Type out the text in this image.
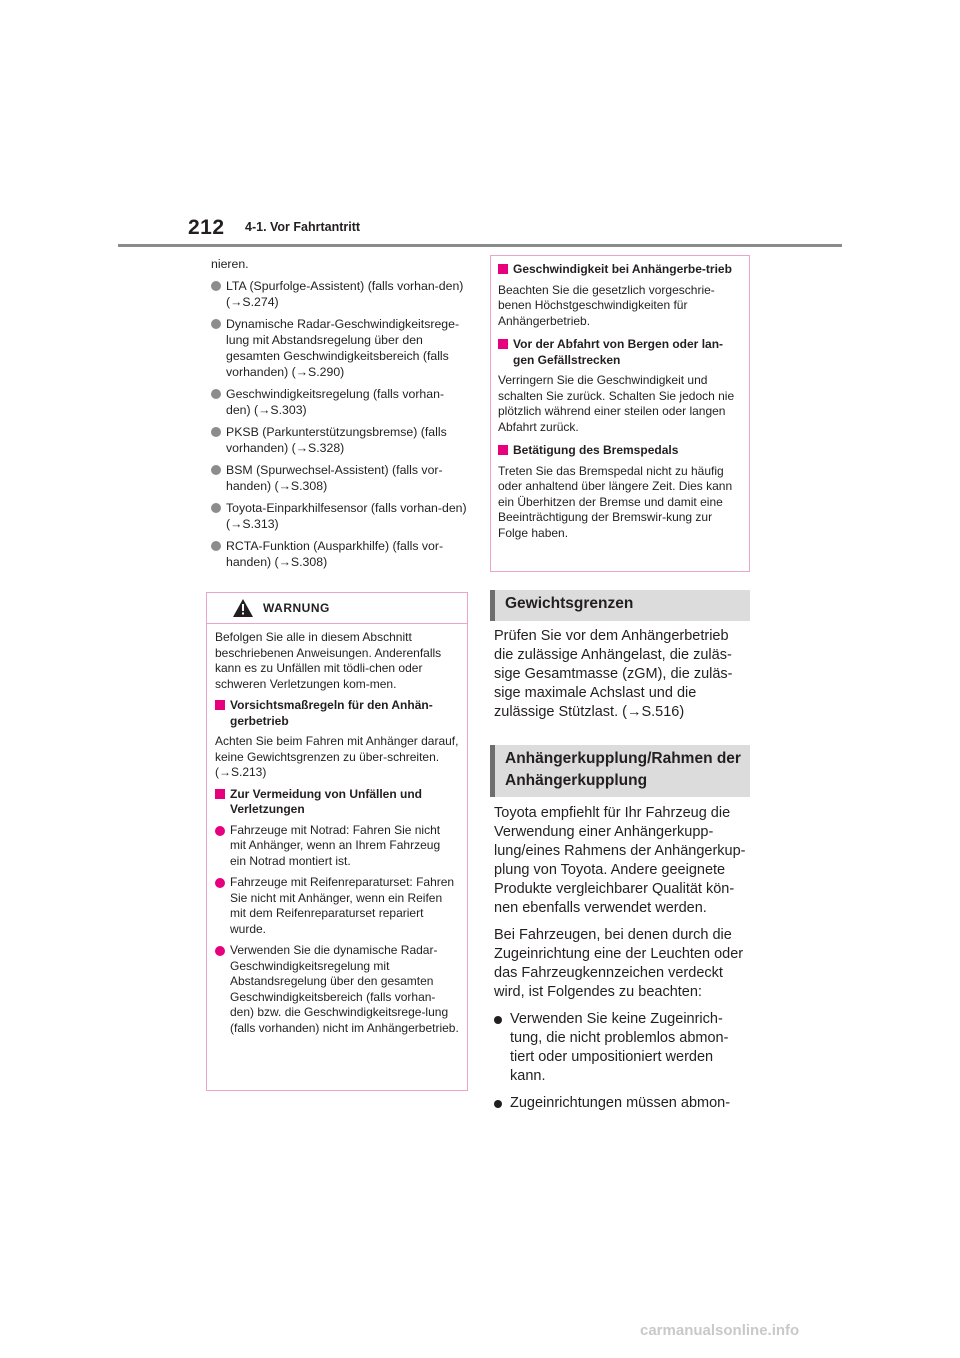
212 4-1. Vor Fahrtantritt
nieren.
LTA (Spurfolge-Assistent) (falls vorhan-den) (→S.274)
Dynamische Radar-Geschwindigkeitsrege-lung mit Abstandsregelung über den gesamten Geschwindigkeitsbereich (falls vorhanden) (→S.290)
Geschwindigkeitsregelung (falls vorhan-den) (→S.303)
PKSB (Parkunterstützungsbremse) (falls vorhanden) (→S.328)
BSM (Spurwechsel-Assistent) (falls vor-handen) (→S.308)
Toyota-Einparkhilfesensor (falls vorhan-den) (→S.313)
RCTA-Funktion (Ausparkhilfe) (falls vor-handen) (→S.308)
WARNUNG
Befolgen Sie alle in diesem Abschnitt beschriebenen Anweisungen. Anderenfalls kann es zu Unfällen mit tödli-chen oder schweren Verletzungen kom-men.
Vorsichtsmaßregeln für den Anhän-gerbetrieb
Achten Sie beim Fahren mit Anhänger darauf, keine Gewichtsgrenzen zu über-schreiten. (→S.213)
Zur Vermeidung von Unfällen und Verletzungen
Fahrzeuge mit Notrad: Fahren Sie nicht mit Anhänger, wenn an Ihrem Fahrzeug ein Notrad montiert ist.
Fahrzeuge mit Reifenreparaturset: Fahren Sie nicht mit Anhänger, wenn ein Reifen mit dem Reifenreparaturset repariert wurde.
Verwenden Sie die dynamische Radar-Geschwindigkeitsregelung mit Abstandsregelung über den gesamten Geschwindigkeitsbereich (falls vorhan-den) bzw. die Geschwindigkeitsrege-lung (falls vorhanden) nicht im Anhängerbetrieb.
Geschwindigkeit bei Anhängerbe-trieb
Beachten Sie die gesetzlich vorgeschrie-benen Höchstgeschwindigkeiten für Anhängerbetrieb.
Vor der Abfahrt von Bergen oder lan-gen Gefällstrecken
Verringern Sie die Geschwindigkeit und schalten Sie zurück. Schalten Sie jedoch nie plötzlich während einer steilen oder langen Abfahrt zurück.
Betätigung des Bremspedals
Treten Sie das Bremspedal nicht zu häufig oder anhaltend über längere Zeit. Dies kann ein Überhitzen der Bremse und damit eine Beeinträchtigung der Bremswir-kung zur Folge haben.
Gewichtsgrenzen
Prüfen Sie vor dem Anhängerbetrieb die zulässige Anhängelast, die zuläs-sige Gesamtmasse (zGM), die zuläs-sige maximale Achslast und die zulässige Stützlast. (→S.516)
Anhängerkupplung/Rahmen der Anhängerkupplung
Toyota empfiehlt für Ihr Fahrzeug die Verwendung einer Anhängerkupp-lung/eines Rahmens der Anhängerkup-plung von Toyota. Andere geeignete Produkte vergleichbarer Qualität kön-nen ebenfalls verwendet werden.
Bei Fahrzeugen, bei denen durch die Zugeinrichtung eine der Leuchten oder das Fahrzeugkennzeichen verdeckt wird, ist Folgendes zu beachten:
Verwenden Sie keine Zugeinrich-tung, die nicht problemlos abmon-tiert oder umpositioniert werden kann.
Zugeinrichtungen müssen abmon-
carmanualsonline.info
